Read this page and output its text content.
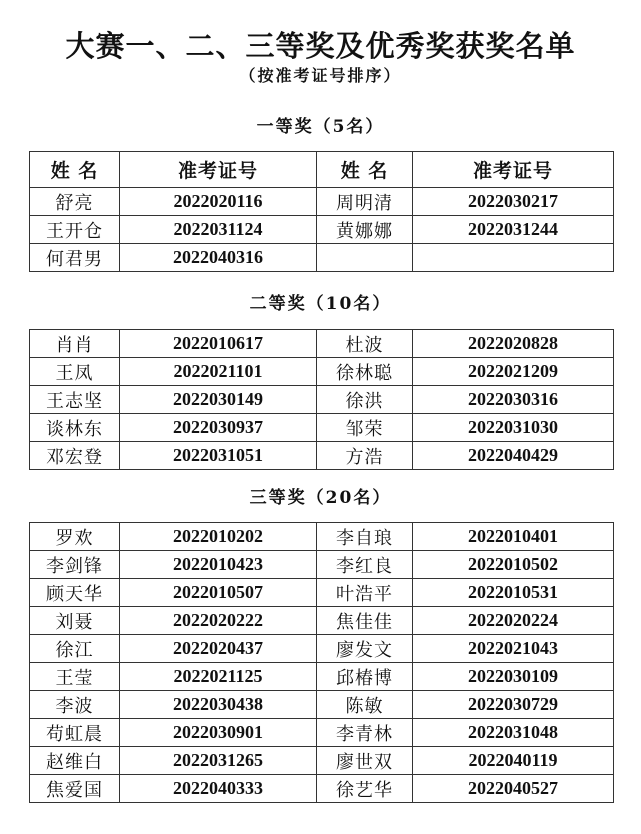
大赛一、二、三等奖及优秀奖获奖名单
（按准考证号排序）
一等奖（5名）
姓 名	准考证号	姓 名	准考证号
舒亮	2022020116	周明清	2022030217
王开仓	2022031124	黄娜娜	2022031244
何君男	2022040316		
二等奖（10名）
肖肖	2022010617	杜波	2022020828
王凤	2022021101	徐林聪	2022021209
王志坚	2022030149	徐洪	2022030316
谈林东	2022030937	邹荣	2022031030
邓宏登	2022031051	方浩	2022040429
三等奖（20名）
罗欢	2022010202	李自琅	2022010401
李剑锋	2022010423	李红良	2022010502
顾天华	2022010507	叶浩平	2022010531
刘聂	2022020222	焦佳佳	2022020224
徐江	2022020437	廖发文	2022021043
王莹	2022021125	邱椿博	2022030109
李波	2022030438	陈敏	2022030729
苟虹晨	2022030901	李青林	2022031048
赵维白	2022031265	廖世双	2022040119
焦爱国	2022040333	徐艺华	2022040527
